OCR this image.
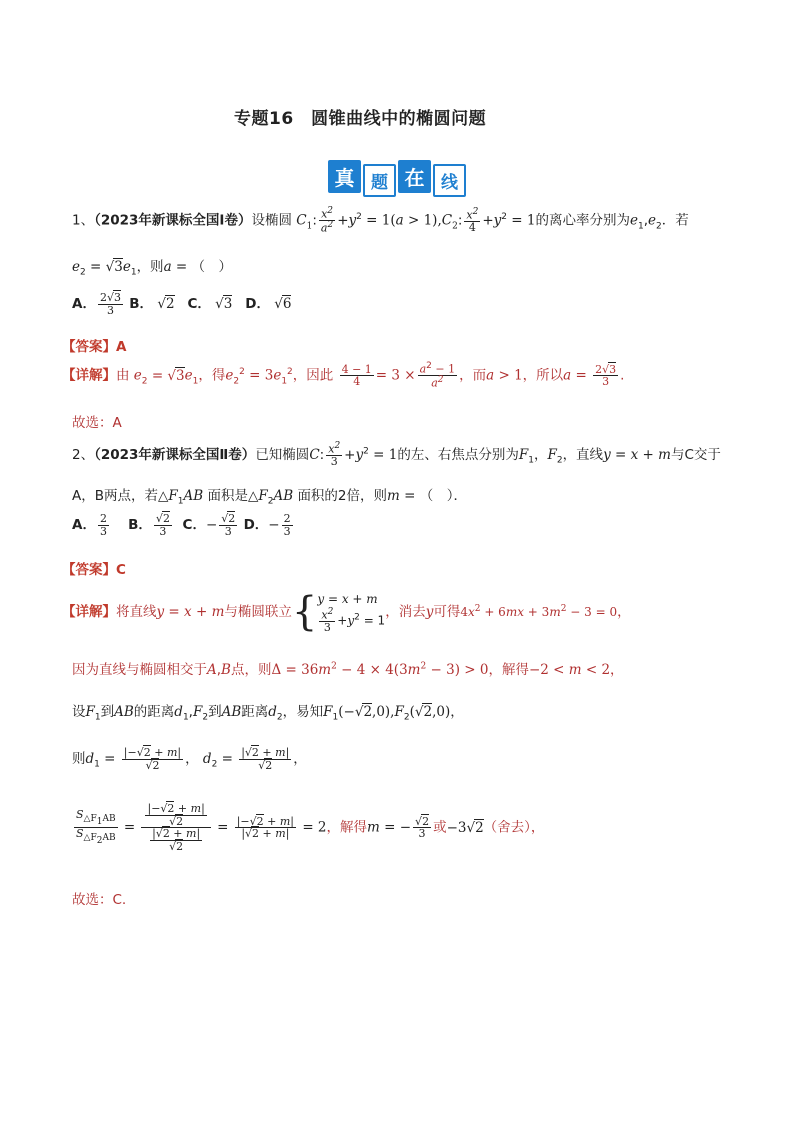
专题16　圆锥曲线中的椭圆问题
真 题 在 线
1、（2023年新课标全国Ⅰ卷）设椭圆 $C_1$: $\frac{x^2}{a^2} +y^2 = 1(a > 1),C_2$: $\frac{x^2}{4} +y^2 = 1$的离心率分别为$e_1,e_2$．若
$e_2 = √3e_1$，则a = （　）
A． $\frac{2√3}{3}$ B． √2 C． √3 D． √6
【答案】A
【详解】由 $e_2 = √3e_1$，得$e_2^2 = 3e_1^2$，因此 $\frac{4 - 1}{4} = 3 \times \frac{a^2 - 1}{a^2}$ ，而a > 1，所以$a = \frac{2√3}{3}$ .
故选：A
2、（2023年新课标全国Ⅱ卷）已知椭圆C: $\frac{x^2}{3} +y^2 = 1$的左、右焦点分别为$F_1$，$F_2$，直线y = x + m与C交于
A，B两点，若$\triangle F_1AB$ 面积是$\triangle F_2AB$ 面积的2倍，则m = （　）．
A． $\frac{2}{3}$ B． $\frac{√2}{3}$ C．− $\frac{√2}{3}$ D．− $\frac{2}{3}$
【答案】C
【详解】将直线y = x + m与椭圆联立{ y = x + m
$\frac{x^2}{3} +y^2 = 1$
，消去y可得$4x^2 + 6mx + 3m^2 - 3 = 0$，
因为直线与椭圆相交于A,B点，则$\Delta = 36m^2 - 4 \times 4(3m^2 - 3) > 0$，解得−2 < m < 2，
设$F_1$到AB的距离$d_1,F_2$到AB距离$d_2$，易知$F_1(-√2,0),F_2(√2,0)$，
则$d_1 = \frac{|-√2 + m|}{√2}$ ， $d_2 = \frac{|√2 + m|}{√2}$ ，
$\frac{S_{\triangle F_1AB}}{S_{\triangle F_2AB}} = \frac{\frac{|-√2 + m|}{√2}}{\frac{|√2 + m|}{√2}} = \frac{|-√2 + m|}{|√2 + m|} = 2$，解得m = − $\frac{√2}{3}$ 或−3√2（舍去），
故选：C.
